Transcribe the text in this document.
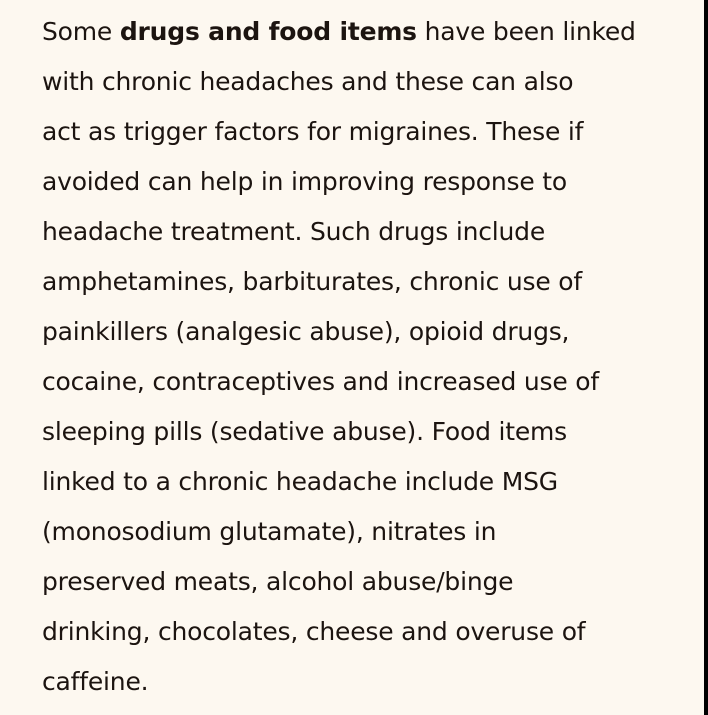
Some drugs and food items have been linked
with chronic headaches and these can also
act as trigger factors for migraines. These if
avoided can help in improving response to
headache treatment. Such drugs include
amphetamines, barbiturates, chronic use of
painkillers (analgesic abuse), opioid drugs,
cocaine, contraceptives and increased use of
sleeping pills (sedative abuse). Food items
linked to a chronic headache include MSG
(monosodium glutamate), nitrates in
preserved meats, alcohol abuse/binge
drinking, chocolates, cheese and overuse of
caffeine.
